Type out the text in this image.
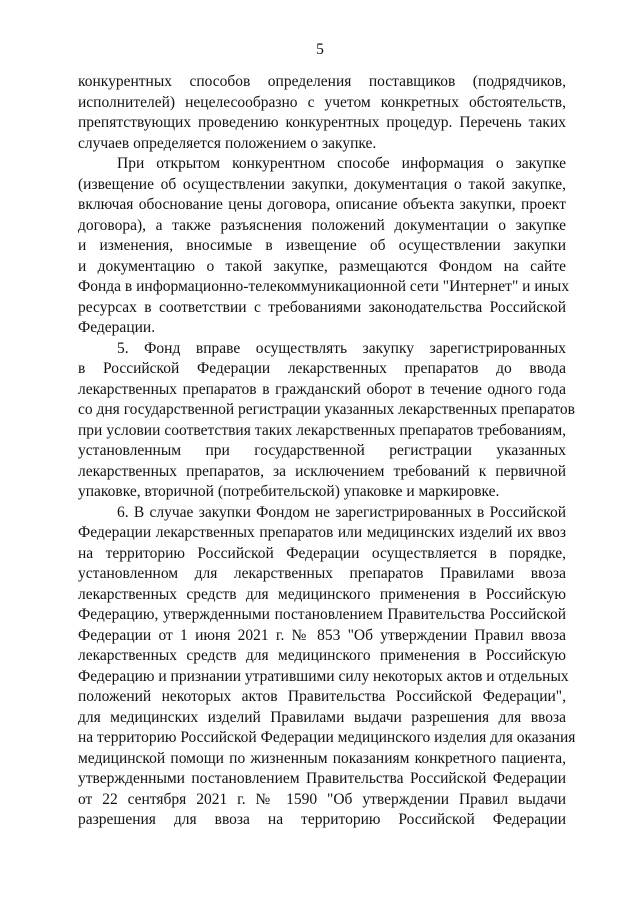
5
конкурентных способов определения поставщиков (подрядчиков,
исполнителей) нецелесообразно с учетом конкретных обстоятельств,
препятствующих проведению конкурентных процедур. Перечень таких
случаев определяется положением о закупке.
При открытом конкурентном способе информация о закупке
(извещение об осуществлении закупки, документация о такой закупке,
включая обоснование цены договора, описание объекта закупки, проект
договора), а также разъяснения положений документации о закупке
и изменения, вносимые в извещение об осуществлении закупки
и документацию о такой закупке, размещаются Фондом на сайте
Фонда в информационно-телекоммуникационной сети "Интернет" и иных
ресурсах в соответствии с требованиями законодательства Российской
Федерации.
5. Фонд вправе осуществлять закупку зарегистрированных
в Российской Федерации лекарственных препаратов до ввода
лекарственных препаратов в гражданский оборот в течение одного года
со дня государственной регистрации указанных лекарственных препаратов
при условии соответствия таких лекарственных препаратов требованиям,
установленным при государственной регистрации указанных
лекарственных препаратов, за исключением требований к первичной
упаковке, вторичной (потребительской) упаковке и маркировке.
6. В случае закупки Фондом не зарегистрированных в Российской
Федерации лекарственных препаратов или медицинских изделий их ввоз
на территорию Российской Федерации осуществляется в порядке,
установленном для лекарственных препаратов Правилами ввоза
лекарственных средств для медицинского применения в Российскую
Федерацию, утвержденными постановлением Правительства Российской
Федерации от 1 июня 2021 г. № 853 "Об утверждении Правил ввоза
лекарственных средств для медицинского применения в Российскую
Федерацию и признании утратившими силу некоторых актов и отдельных
положений некоторых актов Правительства Российской Федерации",
для медицинских изделий Правилами выдачи разрешения для ввоза
на территорию Российской Федерации медицинского изделия для оказания
медицинской помощи по жизненным показаниям конкретного пациента,
утвержденными постановлением Правительства Российской Федерации
от 22 сентября 2021 г. № 1590 "Об утверждении Правил выдачи
разрешения для ввоза на территорию Российской Федерации
